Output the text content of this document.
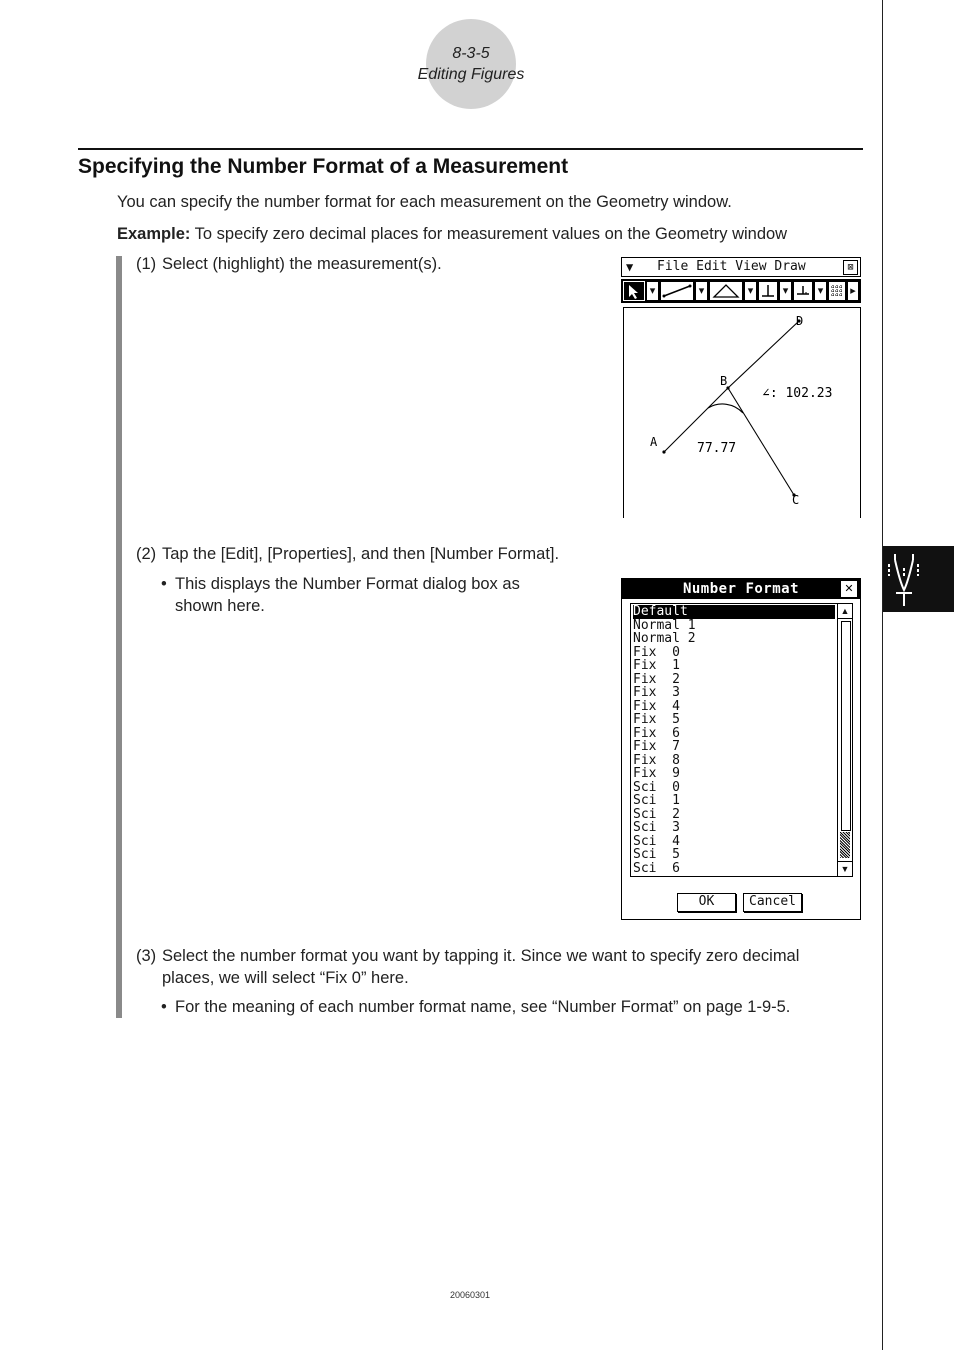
8-3-5
Editing Figures
Specifying the Number Format of a Measurement
You can specify the number format for each measurement on the Geometry window.
Example: To specify zero decimal places for measurement values on the Geometry window
(1) Select (highlight) the measurement(s).	▼ File Edit View Draw	⊠
▾	▾	▾	▾	▾	▸
A
B
D
C
77.77
∠: 102.23
(2) Tap the [Edit], [Properties], and then [Number Format].
• This displays the Number Format dialog box as
shown here.
Number Format	✕
Default
Normal 1
Normal 2
Fix  0
Fix  1
Fix  2
Fix  3
Fix  4
Fix  5
Fix  6
Fix  7
Fix  8
Fix  9
Sci  0
Sci  1
Sci  2
Sci  3
Sci  4
Sci  5
Sci  6
▲
▼
OK	Cancel
(3) Select the number format you want by tapping it. Since we want to specify zero decimal
places, we will select “Fix 0” here.
• For the meaning of each number format name, see “Number Format” on page 1-9-5.
20060301
